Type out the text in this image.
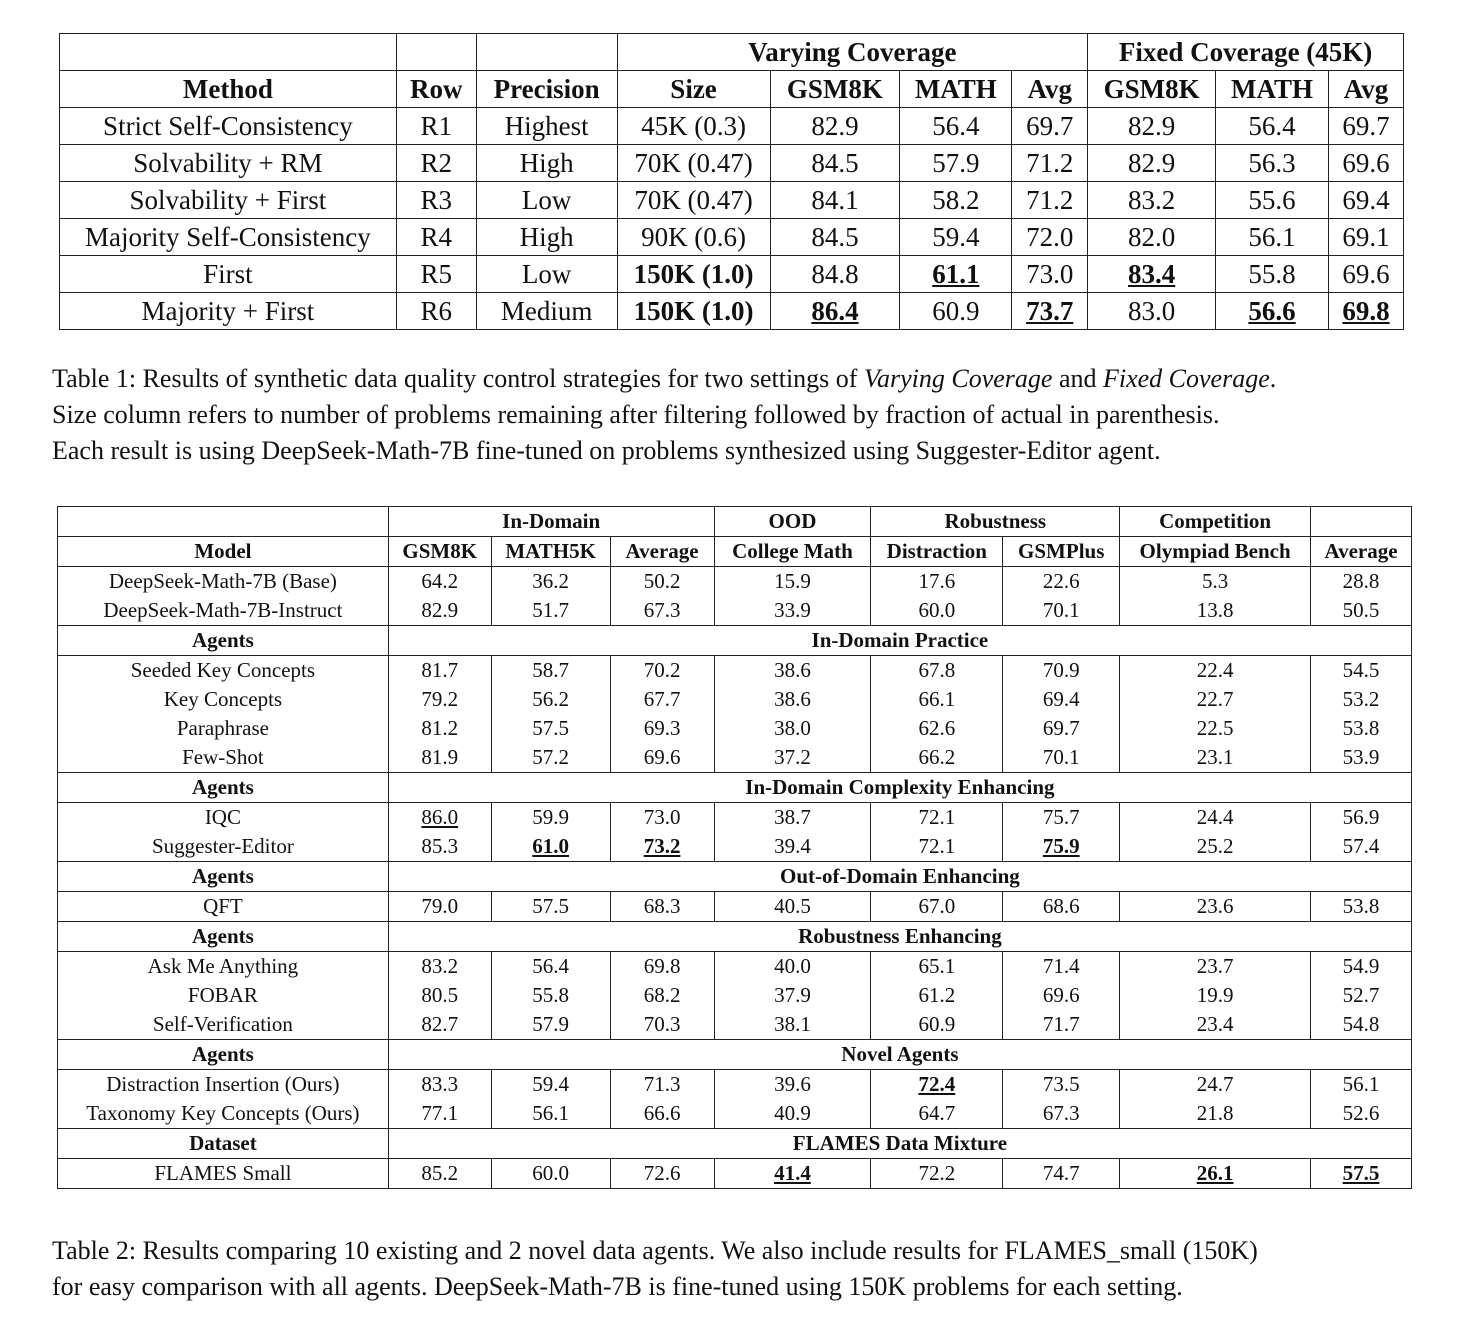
			Varying Coverage				Fixed Coverage (45K)		
Method	Row	Precision	Size	GSM8K	MATH	Avg	GSM8K	MATH	Avg
Strict Self-Consistency	R1	Highest	45K (0.3)	82.9	56.4	69.7	82.9	56.4	69.7
Solvability + RM	R2	High	70K (0.47)	84.5	57.9	71.2	82.9	56.3	69.6
Solvability + First	R3	Low	70K (0.47)	84.1	58.2	71.2	83.2	55.6	69.4
Majority Self-Consistency	R4	High	90K (0.6)	84.5	59.4	72.0	82.0	56.1	69.1
First	R5	Low	150K (1.0)	84.8	61.1	73.0	83.4	55.8	69.6
Majority + First	R6	Medium	150K (1.0)	86.4	60.9	73.7	83.0	56.6	69.8
Table 1: Results of synthetic data quality control strategies for two settings of Varying Coverage and Fixed Coverage.
Size column refers to number of problems remaining after filtering followed by fraction of actual in parenthesis.
Each result is using DeepSeek-Math-7B fine-tuned on problems synthesized using Suggester-Editor agent.
	In-Domain			OOD	Robustness		Competition	
Model	GSM8K	MATH5K	Average	College Math	Distraction	GSMPlus	Olympiad Bench	Average
DeepSeek-Math-7B (Base)	64.2	36.2	50.2	15.9	17.6	22.6	5.3	28.8
DeepSeek-Math-7B-Instruct	82.9	51.7	67.3	33.9	60.0	70.1	13.8	50.5
Agents	In-Domain Practice							
Seeded Key Concepts	81.7	58.7	70.2	38.6	67.8	70.9	22.4	54.5
Key Concepts	79.2	56.2	67.7	38.6	66.1	69.4	22.7	53.2
Paraphrase	81.2	57.5	69.3	38.0	62.6	69.7	22.5	53.8
Few-Shot	81.9	57.2	69.6	37.2	66.2	70.1	23.1	53.9
Agents	In-Domain Complexity Enhancing							
IQC	86.0	59.9	73.0	38.7	72.1	75.7	24.4	56.9
Suggester-Editor	85.3	61.0	73.2	39.4	72.1	75.9	25.2	57.4
Agents	Out-of-Domain Enhancing							
QFT	79.0	57.5	68.3	40.5	67.0	68.6	23.6	53.8
Agents	Robustness Enhancing							
Ask Me Anything	83.2	56.4	69.8	40.0	65.1	71.4	23.7	54.9
FOBAR	80.5	55.8	68.2	37.9	61.2	69.6	19.9	52.7
Self-Verification	82.7	57.9	70.3	38.1	60.9	71.7	23.4	54.8
Agents	Novel Agents							
Distraction Insertion (Ours)	83.3	59.4	71.3	39.6	72.4	73.5	24.7	56.1
Taxonomy Key Concepts (Ours)	77.1	56.1	66.6	40.9	64.7	67.3	21.8	52.6
Dataset	FLAMES Data Mixture							
FLAMES Small	85.2	60.0	72.6	41.4	72.2	74.7	26.1	57.5
Table 2: Results comparing 10 existing and 2 novel data agents. We also include results for FLAMES_small (150K)
for easy comparison with all agents. DeepSeek-Math-7B is fine-tuned using 150K problems for each setting.
